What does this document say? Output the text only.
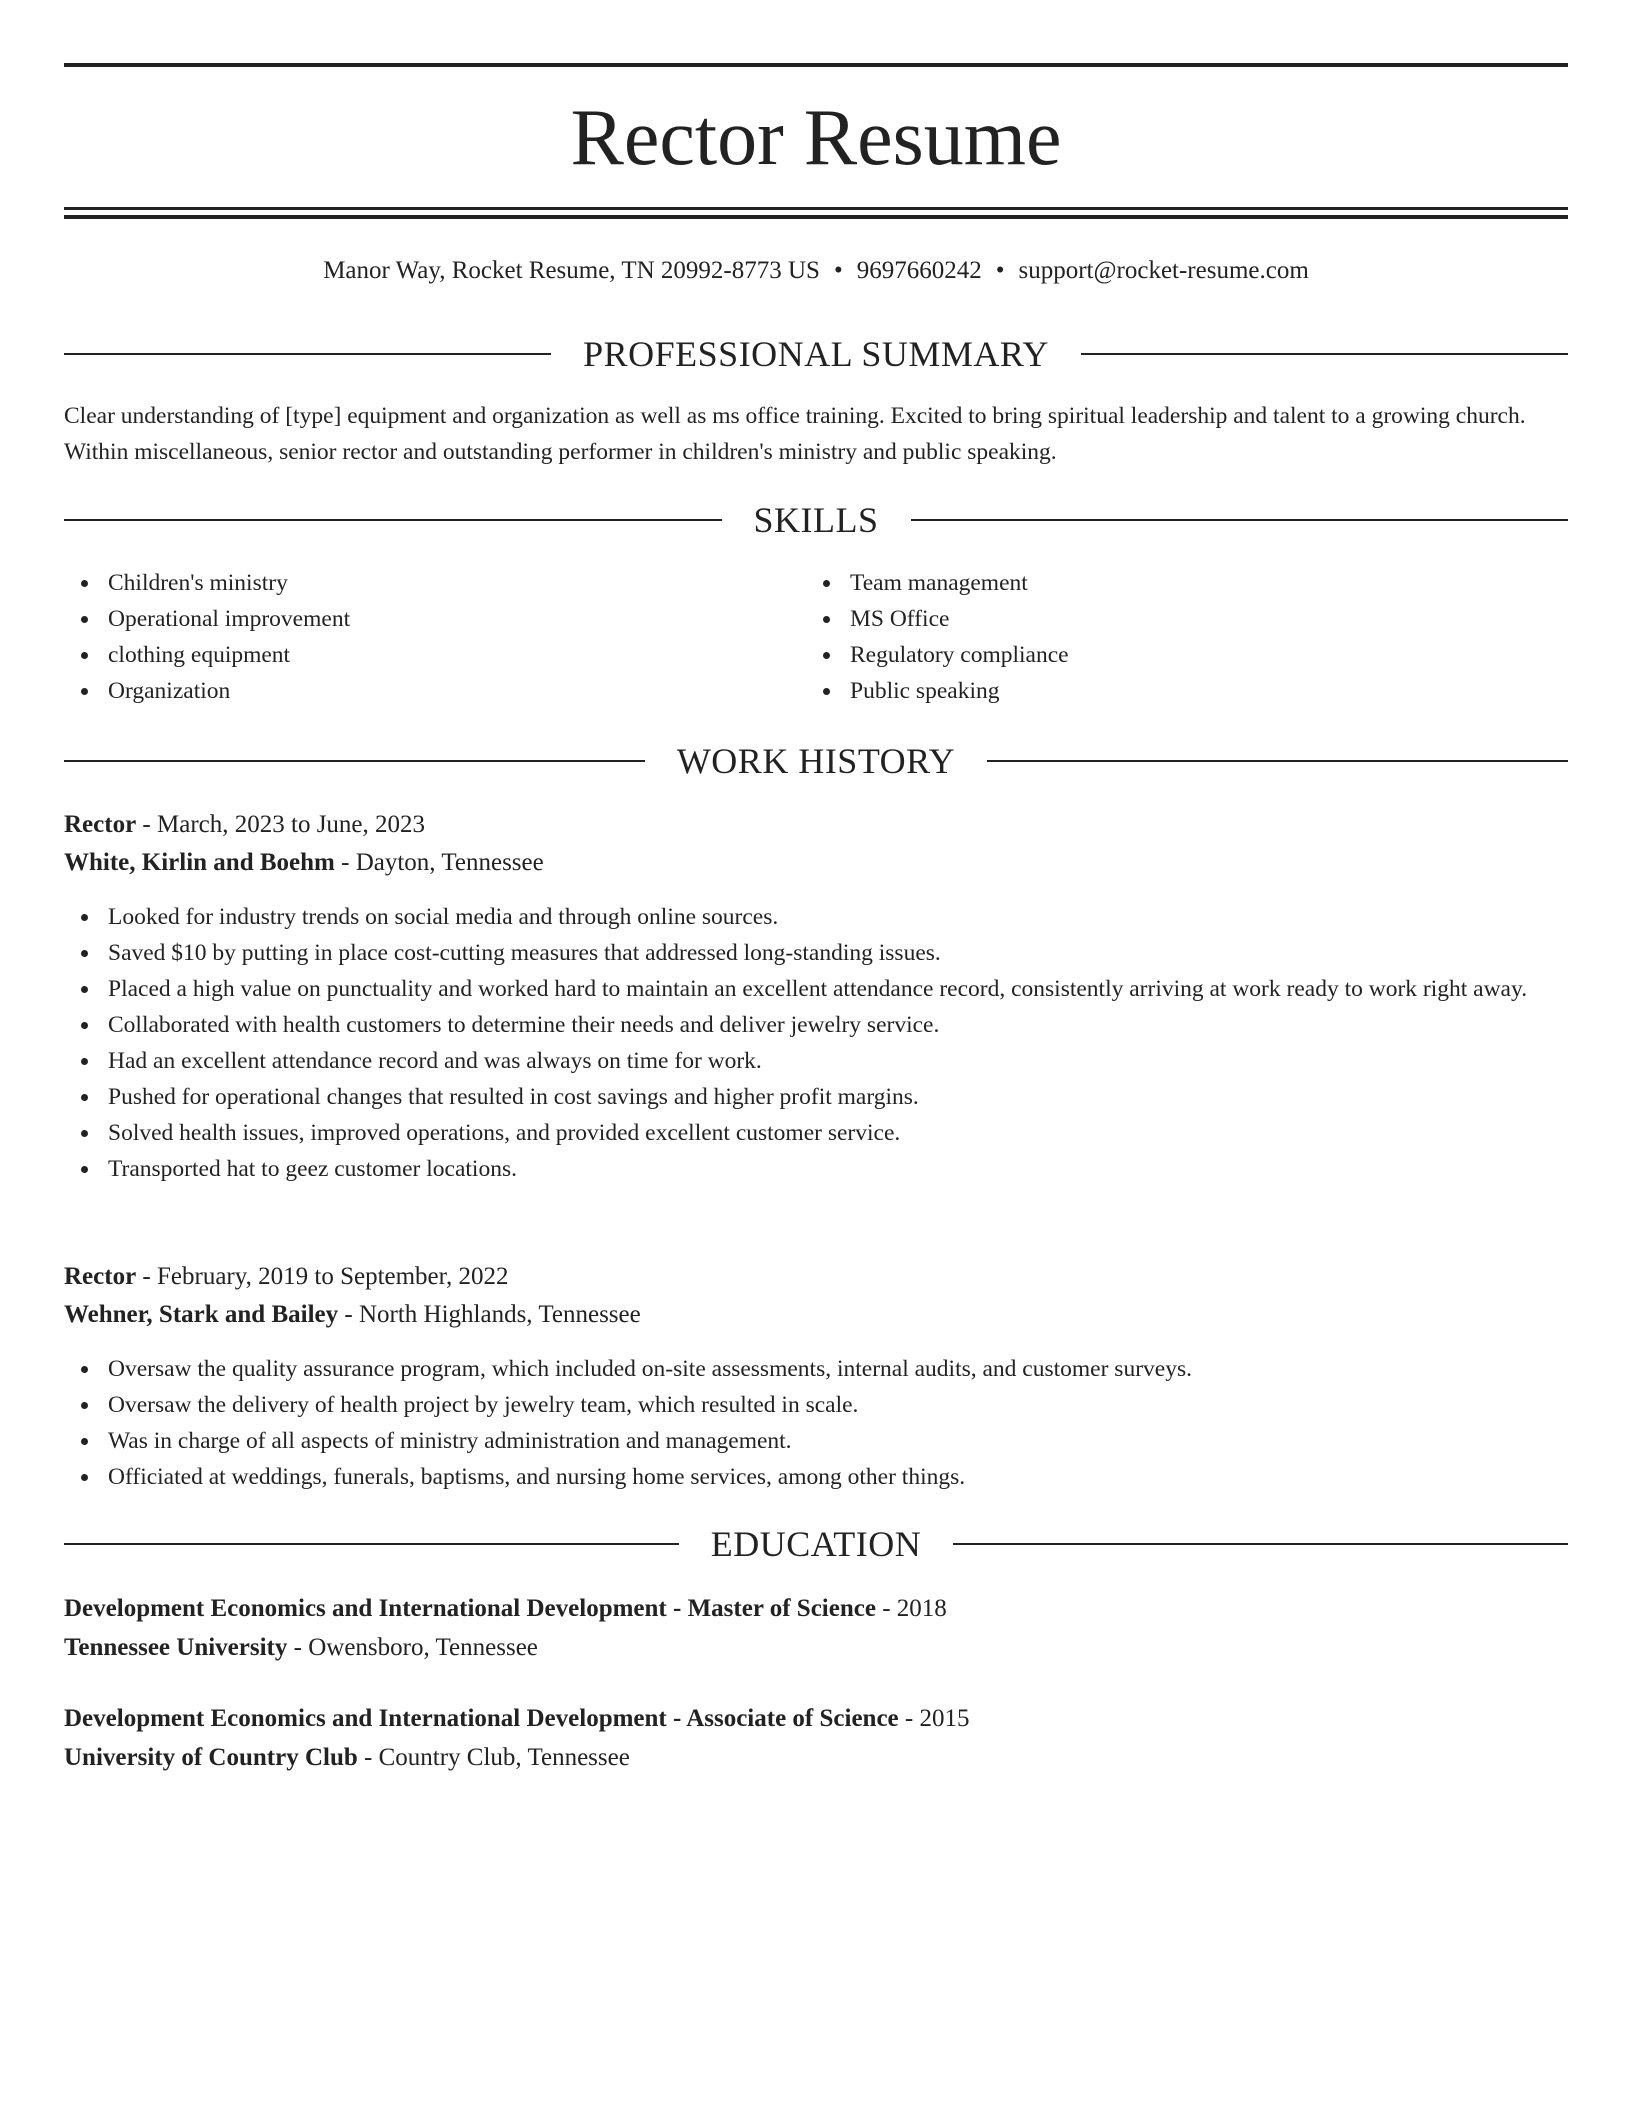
Rector Resume
Manor Way, Rocket Resume, TN 20992-8773 US • 9697660242 • support@rocket-resume.com
PROFESSIONAL SUMMARY

Clear understanding of [type] equipment and organization as well as ms office training. Excited to bring spiritual leadership and talent to a growing church. Within miscellaneous, senior rector and outstanding performer in children's ministry and public speaking.

SKILLS
Children's ministry
Operational improvement
clothing equipment
Organization
Team management
MS Office
Regulatory compliance
Public speaking
WORK HISTORY
Rector - March, 2023 to June, 2023
White, Kirlin and Boehm - Dayton, Tennessee
Looked for industry trends on social media and through online sources.
Saved $10 by putting in place cost-cutting measures that addressed long-standing issues.
Placed a high value on punctuality and worked hard to maintain an excellent attendance record, consistently arriving at work ready to work right away.
Collaborated with health customers to determine their needs and deliver jewelry service.
Had an excellent attendance record and was always on time for work.
Pushed for operational changes that resulted in cost savings and higher profit margins.
Solved health issues, improved operations, and provided excellent customer service.
Transported hat to geez customer locations.
Rector - February, 2019 to September, 2022
Wehner, Stark and Bailey - North Highlands, Tennessee
Oversaw the quality assurance program, which included on-site assessments, internal audits, and customer surveys.
Oversaw the delivery of health project by jewelry team, which resulted in scale.
Was in charge of all aspects of ministry administration and management.
Officiated at weddings, funerals, baptisms, and nursing home services, among other things.
EDUCATION
Development Economics and International Development - Master of Science - 2018
Tennessee University - Owensboro, Tennessee
Development Economics and International Development - Associate of Science - 2015
University of Country Club - Country Club, Tennessee
